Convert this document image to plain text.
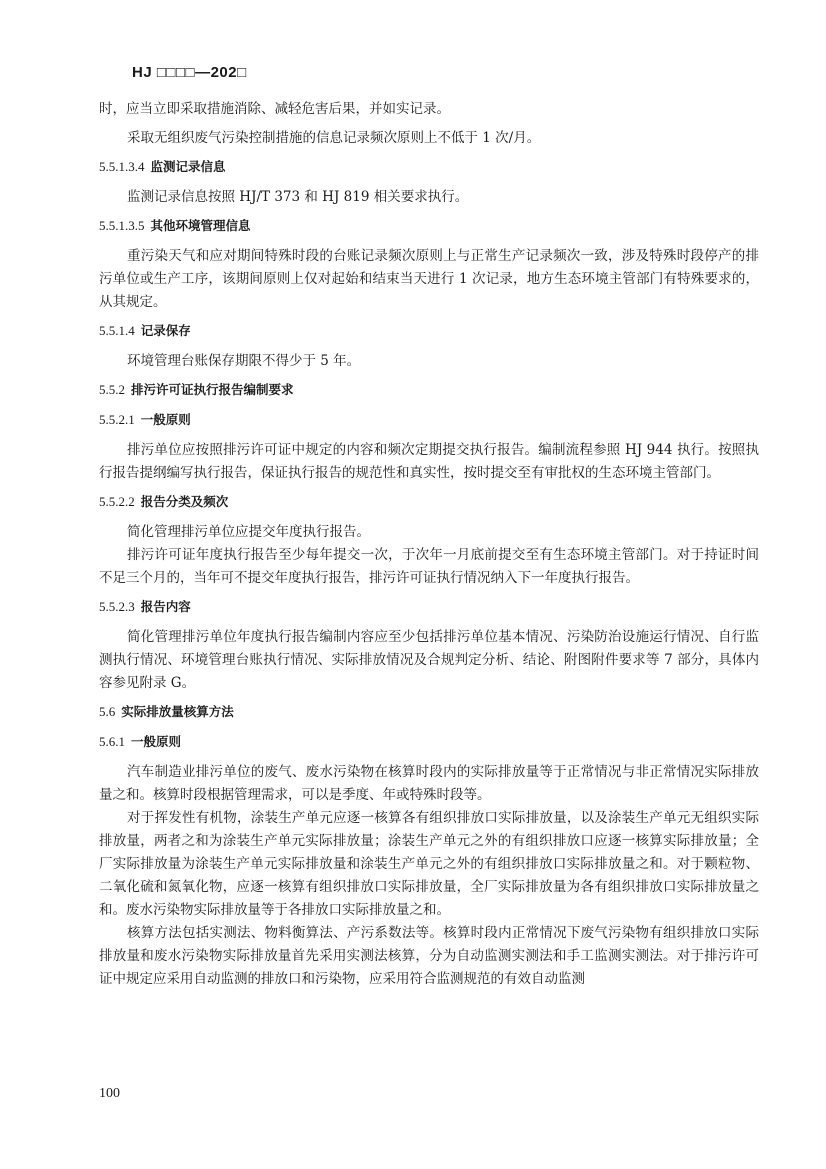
HJ □□□□—202□

时，应当立即采取措施消除、减轻危害后果，并如实记录。

采取无组织废气污染控制措施的信息记录频次原则上不低于 1 次/月。

5.5.1.3.4 监测记录信息

监测记录信息按照 HJ/T 373 和 HJ 819 相关要求执行。

5.5.1.3.5 其他环境管理信息

重污染天气和应对期间特殊时段的台账记录频次原则上与正常生产记录频次一致，涉及特殊时段停产的排污单位或生产工序，该期间原则上仅对起始和结束当天进行 1 次记录，地方生态环境主管部门有特殊要求的，从其规定。

5.5.1.4 记录保存

环境管理台账保存期限不得少于 5 年。

5.5.2 排污许可证执行报告编制要求
5.5.2.1 一般原则

排污单位应按照排污许可证中规定的内容和频次定期提交执行报告。编制流程参照 HJ 944 执行。按照执行报告提纲编写执行报告，保证执行报告的规范性和真实性，按时提交至有审批权的生态环境主管部门。

5.5.2.2 报告分类及频次

简化管理排污单位应提交年度执行报告。

排污许可证年度执行报告至少每年提交一次，于次年一月底前提交至有生态环境主管部门。对于持证时间不足三个月的，当年可不提交年度执行报告，排污许可证执行情况纳入下一年度执行报告。

5.5.2.3 报告内容

简化管理排污单位年度执行报告编制内容应至少包括排污单位基本情况、污染防治设施运行情况、自行监测执行情况、环境管理台账执行情况、实际排放情况及合规判定分析、结论、附图附件要求等 7 部分，具体内容参见附录 G。

5.6 实际排放量核算方法
5.6.1 一般原则

汽车制造业排污单位的废气、废水污染物在核算时段内的实际排放量等于正常情况与非正常情况实际排放量之和。核算时段根据管理需求，可以是季度、年或特殊时段等。

对于挥发性有机物，涂装生产单元应逐一核算各有组织排放口实际排放量，以及涂装生产单元无组织实际排放量，两者之和为涂装生产单元实际排放量；涂装生产单元之外的有组织排放口应逐一核算实际排放量；全厂实际排放量为涂装生产单元实际排放量和涂装生产单元之外的有组织排放口实际排放量之和。对于颗粒物、二氧化硫和氮氧化物，应逐一核算有组织排放口实际排放量，全厂实际排放量为各有组织排放口实际排放量之和。废水污染物实际排放量等于各排放口实际排放量之和。

核算方法包括实测法、物料衡算法、产污系数法等。核算时段内正常情况下废气污染物有组织排放口实际排放量和废水污染物实际排放量首先采用实测法核算，分为自动监测实测法和手工监测实测法。对于排污许可证中规定应采用自动监测的排放口和污染物，应采用符合监测规范的有效自动监测

100
